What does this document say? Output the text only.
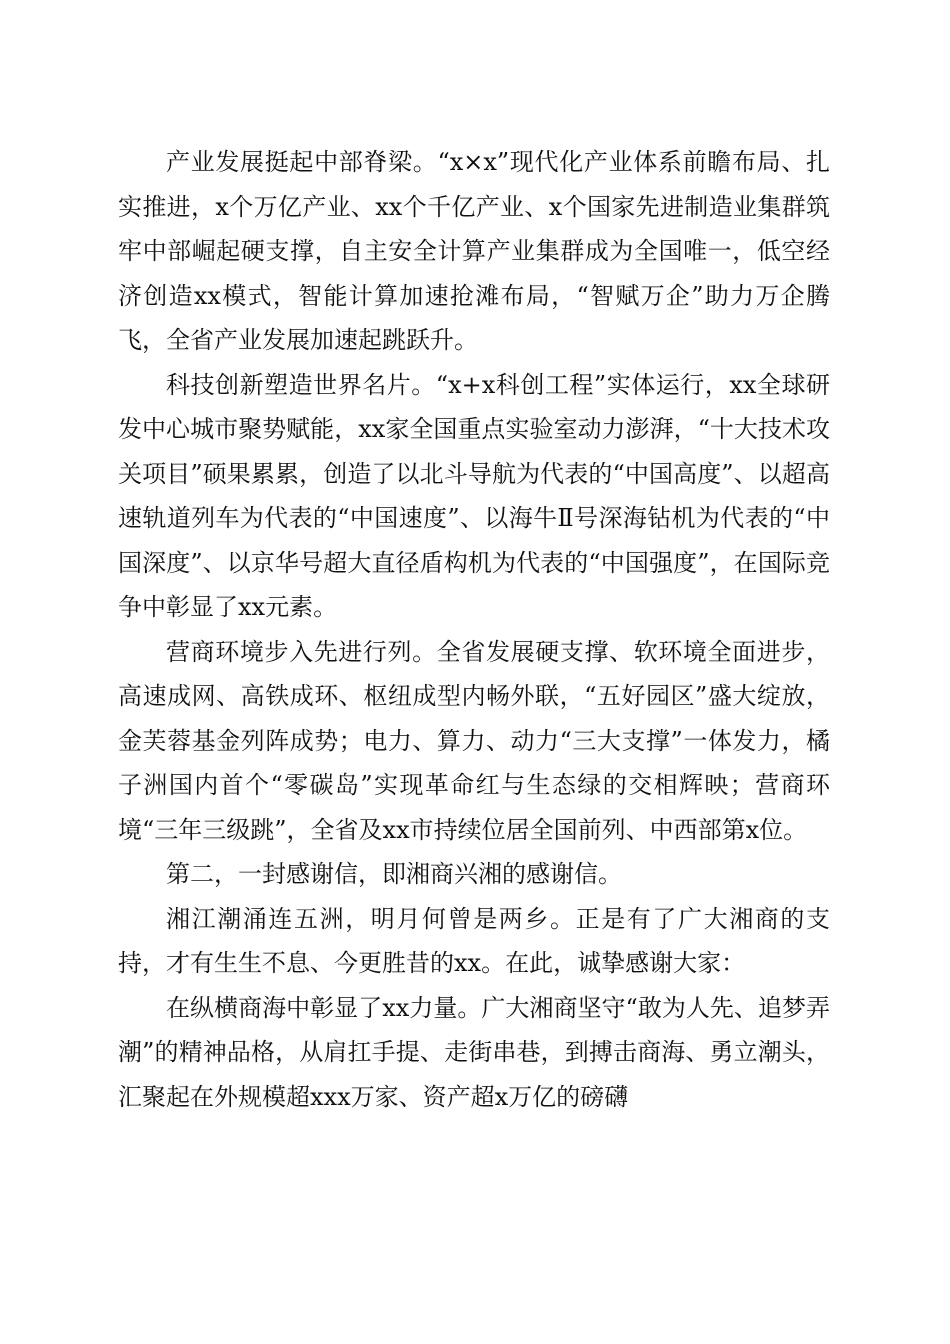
产业发展挺起中部脊梁。“x×x”现代化产业体系前瞻布局、扎实推进，x个万亿产业、xx个千亿产业、x个国家先进制造业集群筑牢中部崛起硬支撑，自主安全计算产业集群成为全国唯一，低空经济创造xx模式，智能计算加速抢滩布局，“智赋万企”助力万企腾飞，全省产业发展加速起跳跃升。

科技创新塑造世界名片。“x+x科创工程”实体运行，xx全球研发中心城市聚势赋能，xx家全国重点实验室动力澎湃，“十大技术攻关项目”硕果累累，创造了以北斗导航为代表的“中国高度”、以超高速轨道列车为代表的“中国速度”、以海牛Ⅱ号深海钻机为代表的“中国深度”、以京华号超大直径盾构机为代表的“中国强度”，在国际竞争中彰显了xx元素。

营商环境步入先进行列。全省发展硬支撑、软环境全面进步，高速成网、高铁成环、枢纽成型内畅外联，“五好园区”盛大绽放，金芙蓉基金列阵成势；电力、算力、动力“三大支撑”一体发力，橘子洲国内首个“零碳岛”实现革命红与生态绿的交相辉映；营商环境“三年三级跳”，全省及xx市持续位居全国前列、中西部第x位。

第二，一封感谢信，即湘商兴湘的感谢信。

湘江潮涌连五洲，明月何曾是两乡。正是有了广大湘商的支持，才有生生不息、今更胜昔的xx。在此，诚挚感谢大家：

在纵横商海中彰显了xx力量。广大湘商坚守“敢为人先、追梦弄潮”的精神品格，从肩扛手提、走街串巷，到搏击商海、勇立潮头，汇聚起在外规模超xxx万家、资产超x万亿的磅礴
